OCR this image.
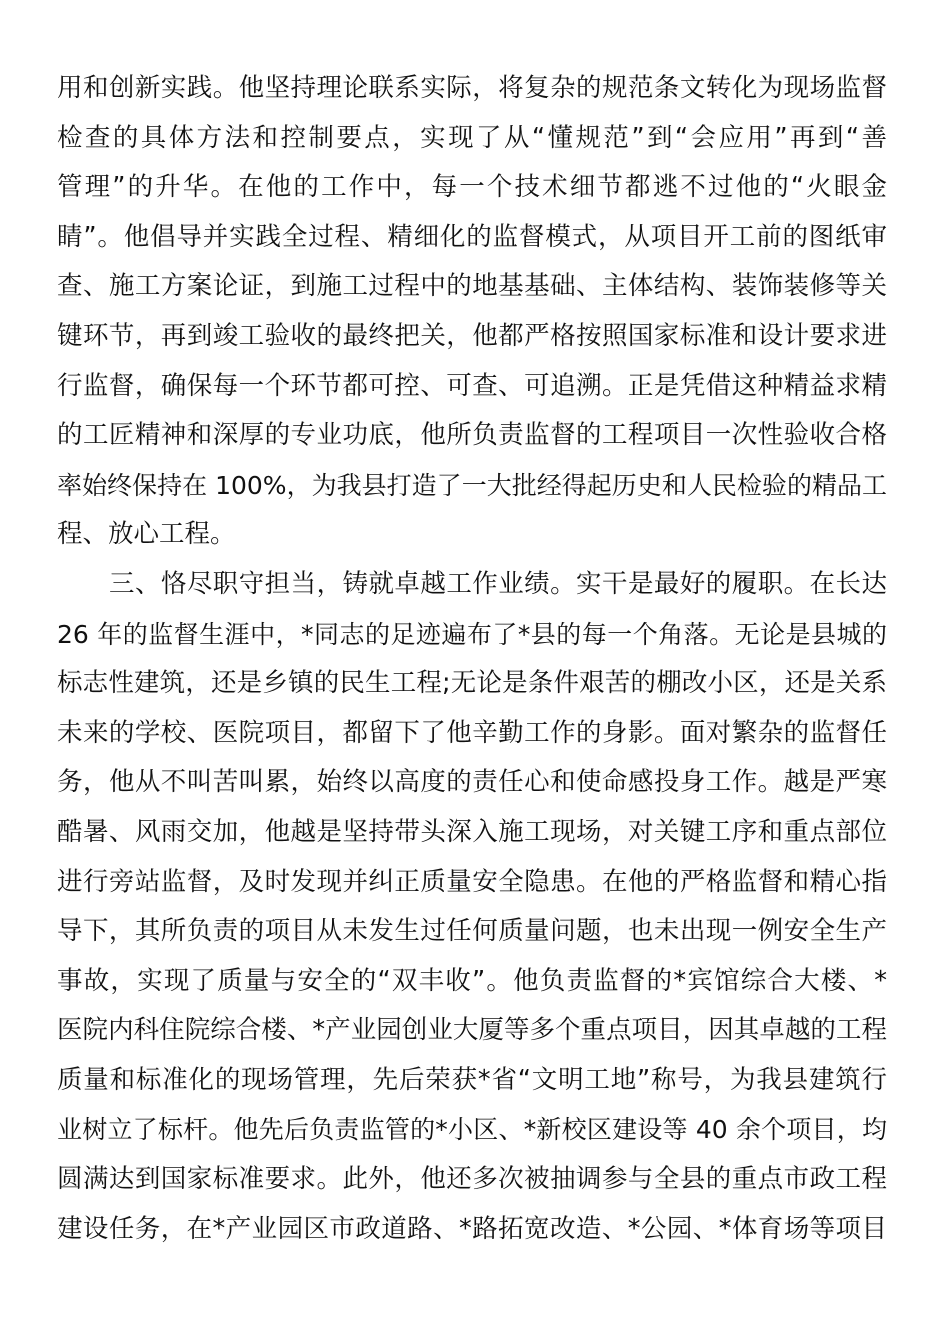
用和创新实践。他坚持理论联系实际，将复杂的规范条文转化为现场监督
检查的具体方法和控制要点，实现了从“懂规范”到“会应用”再到“善
管理”的升华。在他的工作中，每一个技术细节都逃不过他的“火眼金
睛”。他倡导并实践全过程、精细化的监督模式，从项目开工前的图纸审
查、施工方案论证，到施工过程中的地基基础、主体结构、装饰装修等关
键环节，再到竣工验收的最终把关，他都严格按照国家标准和设计要求进
行监督，确保每一个环节都可控、可查、可追溯。正是凭借这种精益求精
的工匠精神和深厚的专业功底，他所负责监督的工程项目一次性验收合格
率始终保持在 100%，为我县打造了一大批经得起历史和人民检验的精品工
程、放心工程。
三、恪尽职守担当，铸就卓越工作业绩。实干是最好的履职。在长达
26 年的监督生涯中，*同志的足迹遍布了*县的每一个角落。无论是县城的
标志性建筑，还是乡镇的民生工程;无论是条件艰苦的棚改小区，还是关系
未来的学校、医院项目，都留下了他辛勤工作的身影。面对繁杂的监督任
务，他从不叫苦叫累，始终以高度的责任心和使命感投身工作。越是严寒
酷暑、风雨交加，他越是坚持带头深入施工现场，对关键工序和重点部位
进行旁站监督，及时发现并纠正质量安全隐患。在他的严格监督和精心指
导下，其所负责的项目从未发生过任何质量问题，也未出现一例安全生产
事故，实现了质量与安全的“双丰收”。他负责监督的*宾馆综合大楼、*
医院内科住院综合楼、*产业园创业大厦等多个重点项目，因其卓越的工程
质量和标准化的现场管理，先后荣获*省“文明工地”称号，为我县建筑行
业树立了标杆。他先后负责监管的*小区、*新校区建设等 40 余个项目，均
圆满达到国家标准要求。此外，他还多次被抽调参与全县的重点市政工程
建设任务，在*产业园区市政道路、*路拓宽改造、*公园、*体育场等项目
